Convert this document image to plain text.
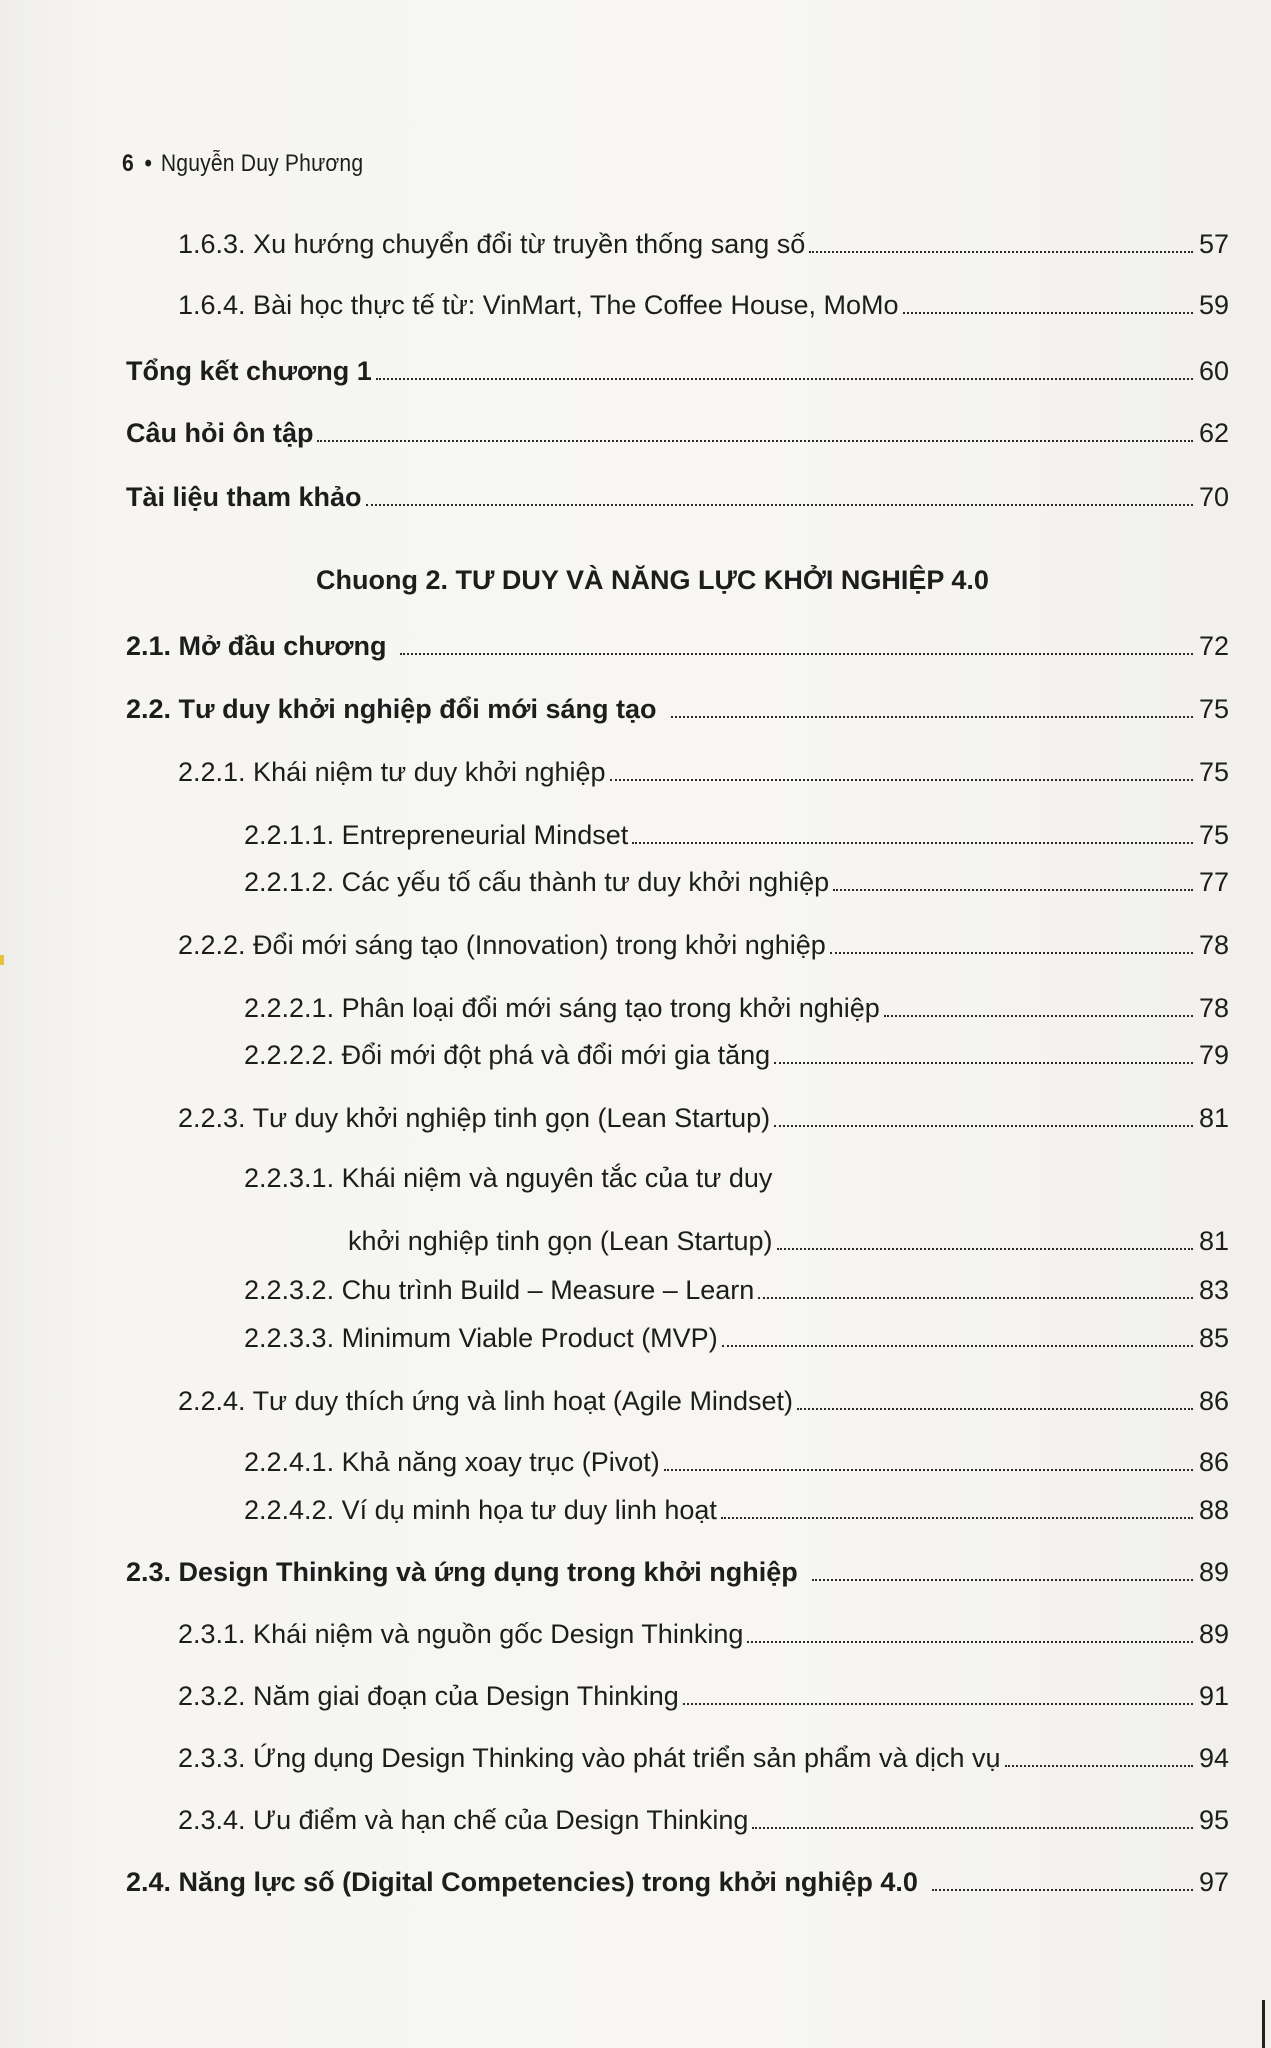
6 • Nguyễn Duy Phương
1.6.3. Xu hướng chuyển đổi từ truyền thống sang số	57
1.6.4. Bài học thực tế từ: VinMart, The Coffee House, MoMo	59
Tổng kết chương 1	60
Câu hỏi ôn tập	62
Tài liệu tham khảo	70
Chuong 2. TƯ DUY VÀ NĂNG LỰC KHỞI NGHIỆP 4.0
2.1. Mở đầu chương	72
2.2. Tư duy khởi nghiệp đổi mới sáng tạo	75
2.2.1. Khái niệm tư duy khởi nghiệp	75
2.2.1.1. Entrepreneurial Mindset	75
2.2.1.2. Các yếu tố cấu thành tư duy khởi nghiệp	77
2.2.2. Đổi mới sáng tạo (Innovation) trong khởi nghiệp	78
2.2.2.1. Phân loại đổi mới sáng tạo trong khởi nghiệp	78
2.2.2.2. Đổi mới đột phá và đổi mới gia tăng	79
2.2.3. Tư duy khởi nghiệp tinh gọn (Lean Startup)	81
2.2.3.1. Khái niệm và nguyên tắc của tư duy
khởi nghiệp tinh gọn (Lean Startup)	81
2.2.3.2. Chu trình Build – Measure – Learn	83
2.2.3.3. Minimum Viable Product (MVP)	85
2.2.4. Tư duy thích ứng và linh hoạt (Agile Mindset)	86
2.2.4.1. Khả năng xoay trục (Pivot)	86
2.2.4.2. Ví dụ minh họa tư duy linh hoạt	88
2.3. Design Thinking và ứng dụng trong khởi nghiệp	89
2.3.1. Khái niệm và nguồn gốc Design Thinking	89
2.3.2. Năm giai đoạn của Design Thinking	91
2.3.3. Ứng dụng Design Thinking vào phát triển sản phẩm và dịch vụ	94
2.3.4. Ưu điểm và hạn chế của Design Thinking	95
2.4. Năng lực số (Digital Competencies) trong khởi nghiệp 4.0	97
